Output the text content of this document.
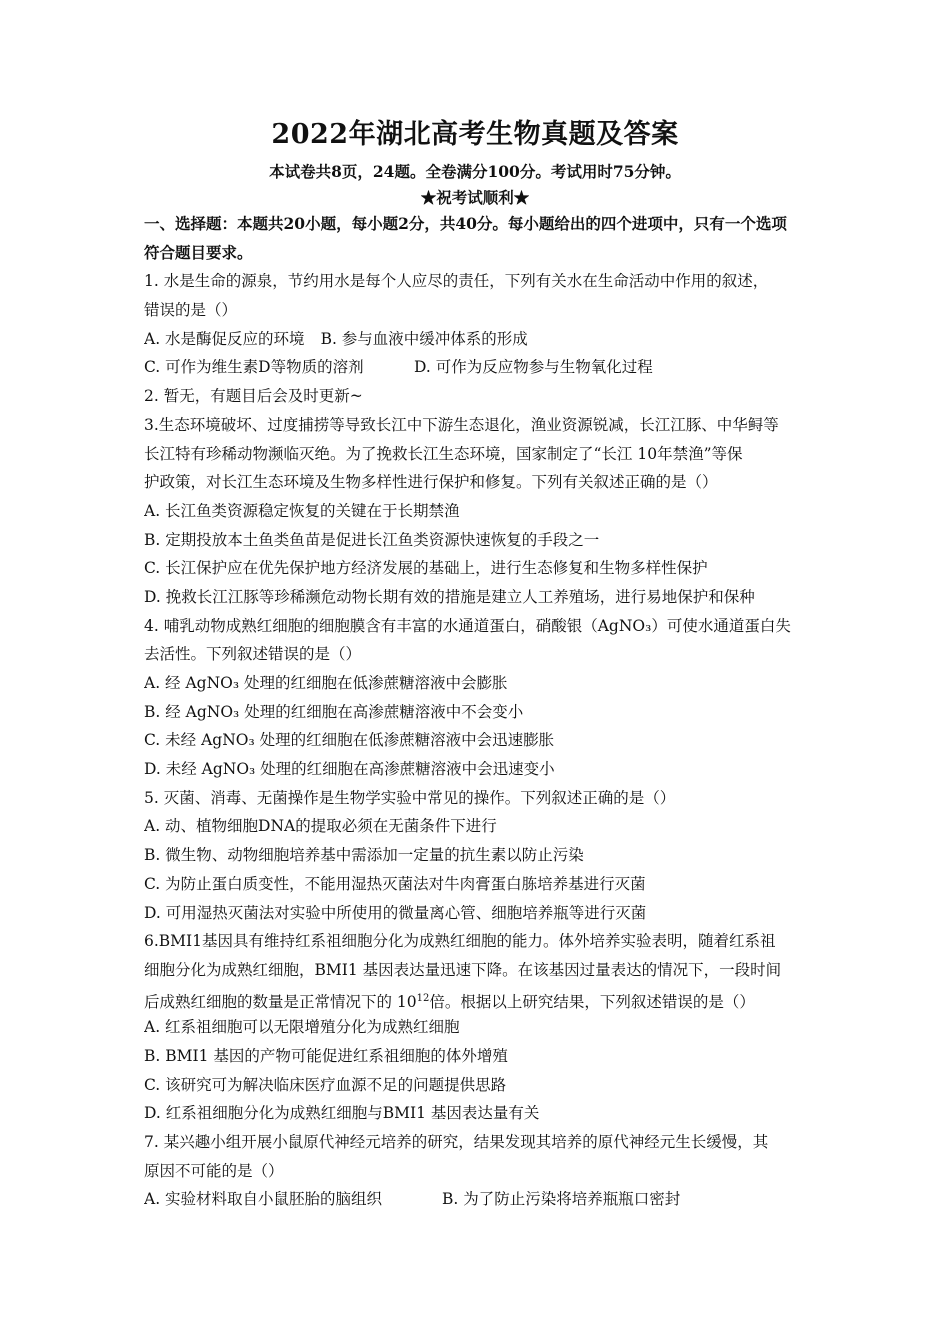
2022年湖北高考生物真题及答案
本试卷共8页，24题。全卷满分100分。考试用时75分钟。
★祝考试顺利★
一、选择题：本题共20小题，每小题2分，共40分。每小题给出的四个进项中，只有一个选项
符合题目要求。
1. 水是生命的源泉，节约用水是每个人应尽的责任，下列有关水在生命活动中作用的叙述，
错误的是（）
A. 水是酶促反应的环境 B. 参与血液中缓冲体系的形成
C. 可作为维生素D等物质的溶剂	D. 可作为反应物参与生物氧化过程
2. 暂无，有题目后会及时更新~
3.生态环境破坏、过度捕捞等导致长江中下游生态退化，渔业资源锐减，长江江豚、中华鲟等
长江特有珍稀动物濒临灭绝。为了挽救长江生态环境，国家制定了“长江 10年禁渔”等保
护政策，对长江生态环境及生物多样性进行保护和修复。下列有关叙述正确的是（）
A. 长江鱼类资源稳定恢复的关键在于长期禁渔
B. 定期投放本土鱼类鱼苗是促进长江鱼类资源快速恢复的手段之一
C. 长江保护应在优先保护地方经济发展的基础上，进行生态修复和生物多样性保护
D. 挽救长江江豚等珍稀濒危动物长期有效的措施是建立人工养殖场，进行易地保护和保种
4. 哺乳动物成熟红细胞的细胞膜含有丰富的水通道蛋白，硝酸银（AgNO₃）可使水通道蛋白失
去活性。下列叙述错误的是（）
A. 经 AgNO₃ 处理的红细胞在低渗蔗糖溶液中会膨胀
B. 经 AgNO₃ 处理的红细胞在高渗蔗糖溶液中不会变小
C. 未经 AgNO₃ 处理的红细胞在低渗蔗糖溶液中会迅速膨胀
D. 未经 AgNO₃ 处理的红细胞在高渗蔗糖溶液中会迅速变小
5. 灭菌、消毒、无菌操作是生物学实验中常见的操作。下列叙述正确的是（）
A. 动、植物细胞DNA的提取必须在无菌条件下进行
B. 微生物、动物细胞培养基中需添加一定量的抗生素以防止污染
C. 为防止蛋白质变性，不能用湿热灭菌法对牛肉膏蛋白胨培养基进行灭菌
D. 可用湿热灭菌法对实验中所使用的微量离心管、细胞培养瓶等进行灭菌
6.BMI1基因具有维持红系祖细胞分化为成熟红细胞的能力。体外培养实验表明，随着红系祖
细胞分化为成熟红细胞，BMI1 基因表达量迅速下降。在该基因过量表达的情况下，一段时间
后成熟红细胞的数量是正常情况下的 $10^{12}$倍。根据以上研究结果，下列叙述错误的是（）
A. 红系祖细胞可以无限增殖分化为成熟红细胞
B. BMI1 基因的产物可能促进红系祖细胞的体外增殖
C. 该研究可为解决临床医疗血源不足的问题提供思路
D. 红系祖细胞分化为成熟红细胞与BMI1 基因表达量有关
7. 某兴趣小组开展小鼠原代神经元培养的研究，结果发现其培养的原代神经元生长缓慢，其
原因不可能的是（）
A. 实验材料取自小鼠胚胎的脑组织	B. 为了防止污染将培养瓶瓶口密封
